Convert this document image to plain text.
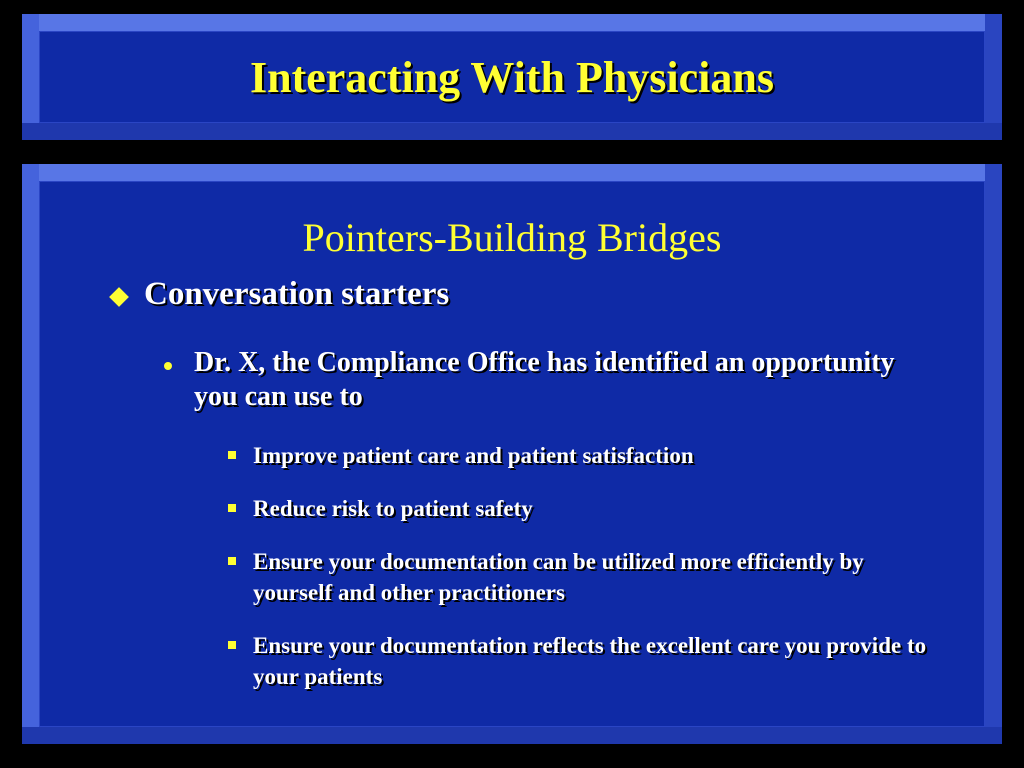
Interacting With Physicians
Pointers-Building Bridges
Conversation starters
Dr. X, the Compliance Office has identified an opportunity you can use to
Improve patient care and patient satisfaction
Reduce risk to patient safety
Ensure your documentation can be utilized more efficiently by yourself and other practitioners
Ensure your documentation reflects the excellent care you provide to your patients
